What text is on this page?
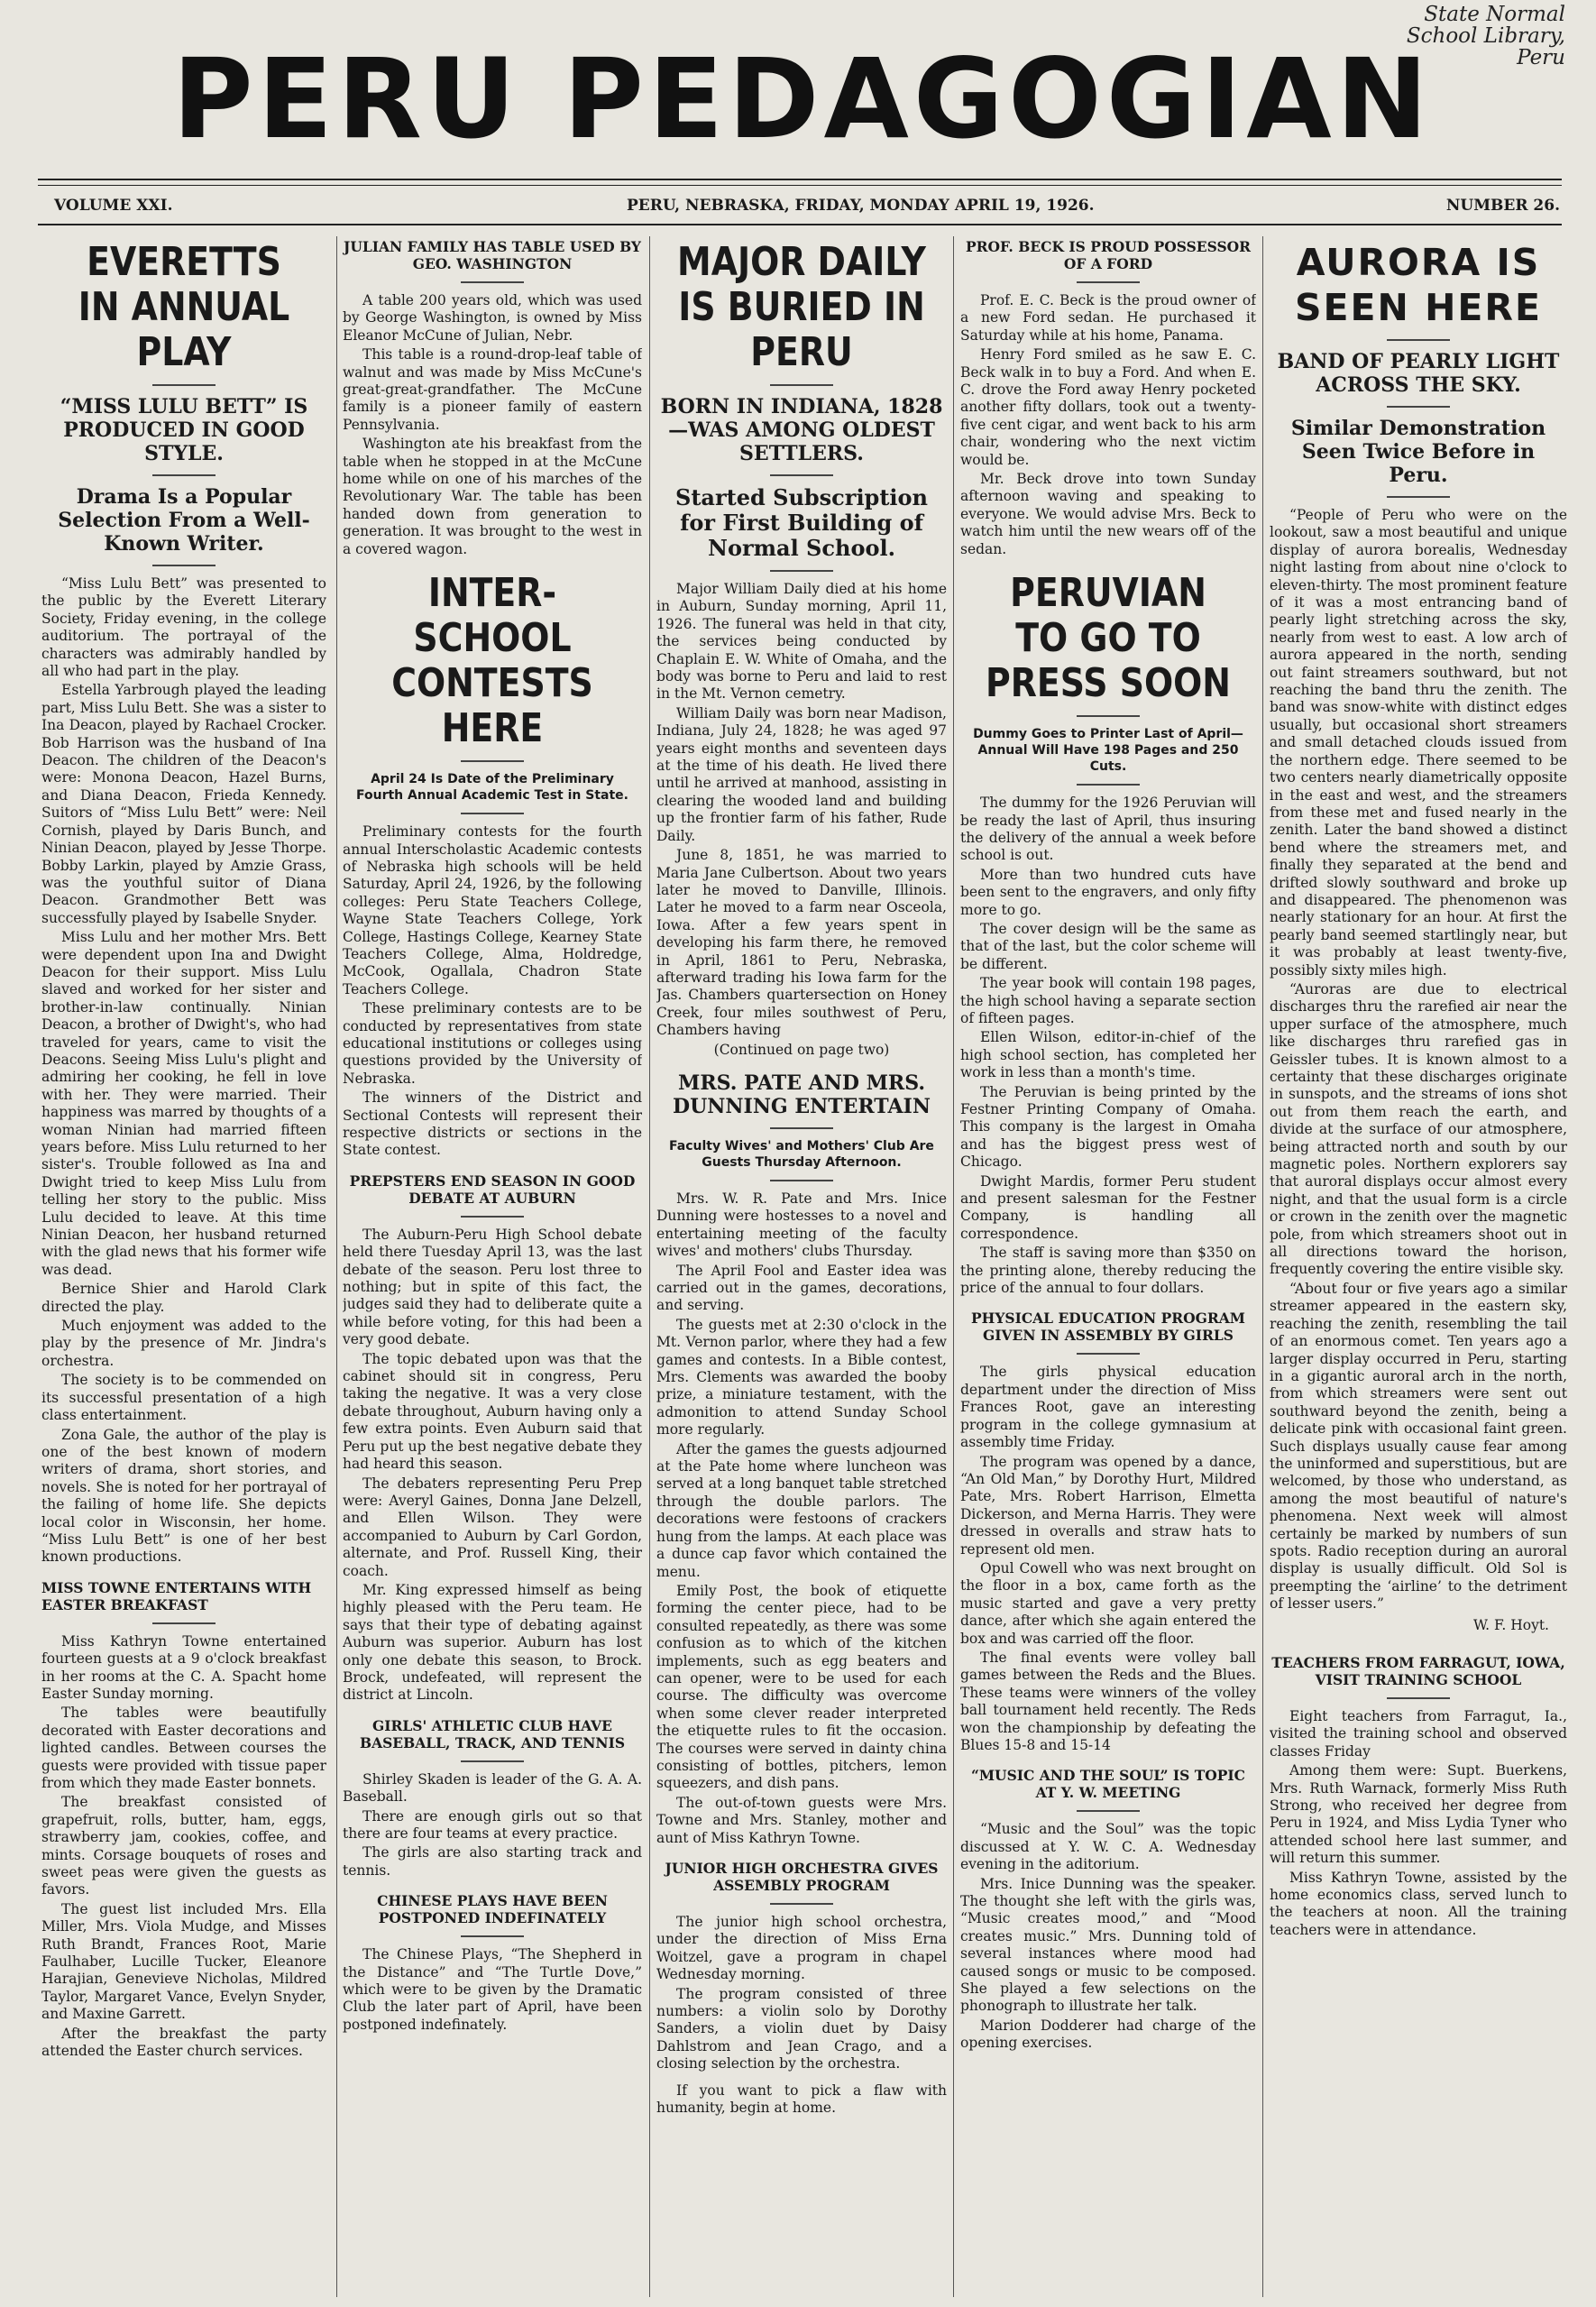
State Normal School Library, Peru
PERU PEDAGOGIAN
VOLUME XXI.	PERU, NEBRASKA, FRIDAY, MONDAY APRIL 19, 1926.	NUMBER 26.
EVERETTS IN ANNUAL PLAY
“MISS LULU BETT” IS PRODUCED IN GOOD STYLE.
Drama Is a Popular Selection From a Well-Known Writer.

“Miss Lulu Bett” was presented to the public by the Everett Literary Society, Friday evening, in the college auditorium. The portrayal of the characters was admirably handled by all who had part in the play.

Estella Yarbrough played the leading part, Miss Lulu Bett. She was a sister to Ina Deacon, played by Rachael Crocker. Bob Harrison was the husband of Ina Deacon. The children of the Deacon's were: Monona Deacon, Hazel Burns, and Diana Deacon, Frieda Kennedy. Suitors of “Miss Lulu Bett” were: Neil Cornish, played by Daris Bunch, and Ninian Deacon, played by Jesse Thorpe. Bobby Larkin, played by Amzie Grass, was the youthful suitor of Diana Deacon. Grandmother Bett was successfully played by Isabelle Snyder.

Miss Lulu and her mother Mrs. Bett were dependent upon Ina and Dwight Deacon for their support. Miss Lulu slaved and worked for her sister and brother-in-law continually. Ninian Deacon, a brother of Dwight's, who had traveled for years, came to visit the Deacons. Seeing Miss Lulu's plight and admiring her cooking, he fell in love with her. They were married. Their happiness was marred by thoughts of a woman Ninian had married fifteen years before. Miss Lulu returned to her sister's. Trouble followed as Ina and Dwight tried to keep Miss Lulu from telling her story to the public. Miss Lulu decided to leave. At this time Ninian Deacon, her husband returned with the glad news that his former wife was dead.

Bernice Shier and Harold Clark directed the play.

Much enjoyment was added to the play by the presence of Mr. Jindra's orchestra.

The society is to be commended on its successful presentation of a high class entertainment.

Zona Gale, the author of the play is one of the best known of modern writers of drama, short stories, and novels. She is noted for her portrayal of the failing of home life. She depicts local color in Wisconsin, her home. “Miss Lulu Bett” is one of her best known productions.

MISS TOWNE ENTERTAINS WITH EASTER BREAKFAST

Miss Kathryn Towne entertained fourteen guests at a 9 o'clock breakfast in her rooms at the C. A. Spacht home Easter Sunday morning.

The tables were beautifully decorated with Easter decorations and lighted candles. Between courses the guests were provided with tissue paper from which they made Easter bonnets.

The breakfast consisted of grapefruit, rolls, butter, ham, eggs, strawberry jam, cookies, coffee, and mints. Corsage bouquets of roses and sweet peas were given the guests as favors.

The guest list included Mrs. Ella Miller, Mrs. Viola Mudge, and Misses Ruth Brandt, Frances Root, Marie Faulhaber, Lucille Tucker, Eleanore Harajian, Genevieve Nicholas, Mildred Taylor, Margaret Vance, Evelyn Snyder, and Maxine Garrett.

After the breakfast the party attended the Easter church services.

JULIAN FAMILY HAS TABLE USED BY GEO. WASHINGTON

A table 200 years old, which was used by George Washington, is owned by Miss Eleanor McCune of Julian, Nebr.

This table is a round-drop-leaf table of walnut and was made by Miss McCune's great-great-grandfather. The McCune family is a pioneer family of eastern Pennsylvania.

Washington ate his breakfast from the table when he stopped in at the McCune home while on one of his marches of the Revolutionary War. The table has been handed down from generation to generation. It was brought to the west in a covered wagon.

INTER-SCHOOL CONTESTS HERE
April 24 Is Date of the Preliminary Fourth Annual Academic Test in State.

Preliminary contests for the fourth annual Interscholastic Academic contests of Nebraska high schools will be held Saturday, April 24, 1926, by the following colleges: Peru State Teachers College, Wayne State Teachers College, York College, Hastings College, Kearney State Teachers College, Alma, Holdredge, McCook, Ogallala, Chadron State Teachers College.

These preliminary contests are to be conducted by representatives from state educational institutions or colleges using questions provided by the University of Nebraska.

The winners of the District and Sectional Contests will represent their respective districts or sections in the State contest.

PREPSTERS END SEASON IN GOOD DEBATE AT AUBURN

The Auburn-Peru High School debate held there Tuesday April 13, was the last debate of the season. Peru lost three to nothing; but in spite of this fact, the judges said they had to deliberate quite a while before voting, for this had been a very good debate.

The topic debated upon was that the cabinet should sit in congress, Peru taking the negative. It was a very close debate throughout, Auburn having only a few extra points. Even Auburn said that Peru put up the best negative debate they had heard this season.

The debaters representing Peru Prep were: Averyl Gaines, Donna Jane Delzell, and Ellen Wilson. They were accompanied to Auburn by Carl Gordon, alternate, and Prof. Russell King, their coach.

Mr. King expressed himself as being highly pleased with the Peru team. He says that their type of debating against Auburn was superior. Auburn has lost only one debate this season, to Brock. Brock, undefeated, will represent the district at Lincoln.

GIRLS' ATHLETIC CLUB HAVE BASEBALL, TRACK, AND TENNIS

Shirley Skaden is leader of the G. A. A. Baseball.

There are enough girls out so that there are four teams at every practice.

The girls are also starting track and tennis.

CHINESE PLAYS HAVE BEEN POSTPONED INDEFINATELY

The Chinese Plays, “The Shepherd in the Distance” and “The Turtle Dove,” which were to be given by the Dramatic Club the later part of April, have been postponed indefinately.

MAJOR DAILY IS BURIED IN PERU
BORN IN INDIANA, 1828—WAS AMONG OLDEST SETTLERS.
Started Subscription for First Building of Normal School.

Major William Daily died at his home in Auburn, Sunday morning, April 11, 1926. The funeral was held in that city, the services being conducted by Chaplain E. W. White of Omaha, and the body was borne to Peru and laid to rest in the Mt. Vernon cemetry.

William Daily was born near Madison, Indiana, July 24, 1828; he was aged 97 years eight months and seventeen days at the time of his death. He lived there until he arrived at manhood, assisting in clearing the wooded land and building up the frontier farm of his father, Rude Daily.

June 8, 1851, he was married to Maria Jane Culbertson. About two years later he moved to Danville, Illinois. Later he moved to a farm near Osceola, Iowa. After a few years spent in developing his farm there, he removed in April, 1861 to Peru, Nebraska, afterward trading his Iowa farm for the Jas. Chambers quartersection on Honey Creek, four miles southwest of Peru, Chambers having

(Continued on page two)
MRS. PATE AND MRS. DUNNING ENTERTAIN
Faculty Wives' and Mothers' Club Are Guests Thursday Afternoon.

Mrs. W. R. Pate and Mrs. Inice Dunning were hostesses to a novel and entertaining meeting of the faculty wives' and mothers' clubs Thursday.

The April Fool and Easter idea was carried out in the games, decorations, and serving.

The guests met at 2:30 o'clock in the Mt. Vernon parlor, where they had a few games and contests. In a Bible contest, Mrs. Clements was awarded the booby prize, a miniature testament, with the admonition to attend Sunday School more regularly.

After the games the guests adjourned at the Pate home where luncheon was served at a long banquet table stretched through the double parlors. The decorations were festoons of crackers hung from the lamps. At each place was a dunce cap favor which contained the menu.

Emily Post, the book of etiquette forming the center piece, had to be consulted repeatedly, as there was some confusion as to which of the kitchen implements, such as egg beaters and can opener, were to be used for each course. The difficulty was overcome when some clever reader interpreted the etiquette rules to fit the occasion. The courses were served in dainty china consisting of bottles, pitchers, lemon squeezers, and dish pans.

The out-of-town guests were Mrs. Towne and Mrs. Stanley, mother and aunt of Miss Kathryn Towne.

JUNIOR HIGH ORCHESTRA GIVES ASSEMBLY PROGRAM

The junior high school orchestra, under the direction of Miss Erna Woitzel, gave a program in chapel Wednesday morning.

The program consisted of three numbers: a violin solo by Dorothy Sanders, a violin duet by Daisy Dahlstrom and Jean Crago, and a closing selection by the orchestra.

If you want to pick a flaw with humanity, begin at home.

PROF. BECK IS PROUD POSSESSOR OF A FORD

Prof. E. C. Beck is the proud owner of a new Ford sedan. He purchased it Saturday while at his home, Panama.

Henry Ford smiled as he saw E. C. Beck walk in to buy a Ford. And when E. C. drove the Ford away Henry pocketed another fifty dollars, took out a twenty-five cent cigar, and went back to his arm chair, wondering who the next victim would be.

Mr. Beck drove into town Sunday afternoon waving and speaking to everyone. We would advise Mrs. Beck to watch him until the new wears off of the sedan.

PERUVIAN TO GO TO PRESS SOON
Dummy Goes to Printer Last of April—Annual Will Have 198 Pages and 250 Cuts.

The dummy for the 1926 Peruvian will be ready the last of April, thus insuring the delivery of the annual a week before school is out.

More than two hundred cuts have been sent to the engravers, and only fifty more to go.

The cover design will be the same as that of the last, but the color scheme will be different.

The year book will contain 198 pages, the high school having a separate section of fifteen pages.

Ellen Wilson, editor-in-chief of the high school section, has completed her work in less than a month's time.

The Peruvian is being printed by the Festner Printing Company of Omaha. This company is the largest in Omaha and has the biggest press west of Chicago.

Dwight Mardis, former Peru student and present salesman for the Festner Company, is handling all correspondence.

The staff is saving more than $350 on the printing alone, thereby reducing the price of the annual to four dollars.

PHYSICAL EDUCATION PROGRAM GIVEN IN ASSEMBLY BY GIRLS

The girls physical education department under the direction of Miss Frances Root, gave an interesting program in the college gymnasium at assembly time Friday.

The program was opened by a dance, “An Old Man,” by Dorothy Hurt, Mildred Pate, Mrs. Robert Harrison, Elmetta Dickerson, and Merna Harris. They were dressed in overalls and straw hats to represent old men.

Opul Cowell who was next brought on the floor in a box, came forth as the music started and gave a very pretty dance, after which she again entered the box and was carried off the floor.

The final events were volley ball games between the Reds and the Blues. These teams were winners of the volley ball tournament held recently. The Reds won the championship by defeating the Blues 15-8 and 15-14

“MUSIC AND THE SOUL” IS TOPIC AT Y. W. MEETING

“Music and the Soul” was the topic discussed at Y. W. C. A. Wednesday evening in the aditorium.

Mrs. Inice Dunning was the speaker. The thought she left with the girls was, “Music creates mood,” and “Mood creates music.” Mrs. Dunning told of several instances where mood had caused songs or music to be composed. She played a few selections on the phonograph to illustrate her talk.

Marion Dodderer had charge of the opening exercises.

AURORA IS SEEN HERE
BAND OF PEARLY LIGHT ACROSS THE SKY.
Similar Demonstration Seen Twice Before in Peru.

“People of Peru who were on the lookout, saw a most beautiful and unique display of aurora borealis, Wednesday night lasting from about nine o'clock to eleven-thirty. The most prominent feature of it was a most entrancing band of pearly light stretching across the sky, nearly from west to east. A low arch of aurora appeared in the north, sending out faint streamers southward, but not reaching the band thru the zenith. The band was snow-white with distinct edges usually, but occasional short streamers and small detached clouds issued from the northern edge. There seemed to be two centers nearly diametrically opposite in the east and west, and the streamers from these met and fused nearly in the zenith. Later the band showed a distinct bend where the streamers met, and finally they separated at the bend and drifted slowly southward and broke up and disappeared. The phenomenon was nearly stationary for an hour. At first the pearly band seemed startlingly near, but it was probably at least twenty-five, possibly sixty miles high.

“Auroras are due to electrical discharges thru the rarefied air near the upper surface of the atmosphere, much like discharges thru rarefied gas in Geissler tubes. It is known almost to a certainty that these discharges originate in sunspots, and the streams of ions shot out from them reach the earth, and divide at the surface of our atmosphere, being attracted north and south by our magnetic poles. Northern explorers say that auroral displays occur almost every night, and that the usual form is a circle or crown in the zenith over the magnetic pole, from which streamers shoot out in all directions toward the horison, frequently covering the entire visible sky.

“About four or five years ago a similar streamer appeared in the eastern sky, reaching the zenith, resembling the tail of an enormous comet. Ten years ago a larger display occurred in Peru, starting in a gigantic auroral arch in the north, from which streamers were sent out southward beyond the zenith, being a delicate pink with occasional faint green. Such displays usually cause fear among the uninformed and superstitious, but are welcomed, by those who understand, as among the most beautiful of nature's phenomena. Next week will almost certainly be marked by numbers of sun spots. Radio reception during an auroral display is usually difficult. Old Sol is preempting the ‘airline’ to the detriment of lesser users.”

W. F. Hoyt.
TEACHERS FROM FARRAGUT, IOWA, VISIT TRAINING SCHOOL

Eight teachers from Farragut, Ia., visited the training school and observed classes Friday

Among them were: Supt. Buerkens, Mrs. Ruth Warnack, formerly Miss Ruth Strong, who received her degree from Peru in 1924, and Miss Lydia Tyner who attended school here last summer, and will return this summer.

Miss Kathryn Towne, assisted by the home economics class, served lunch to the teachers at noon. All the training teachers were in attendance.
